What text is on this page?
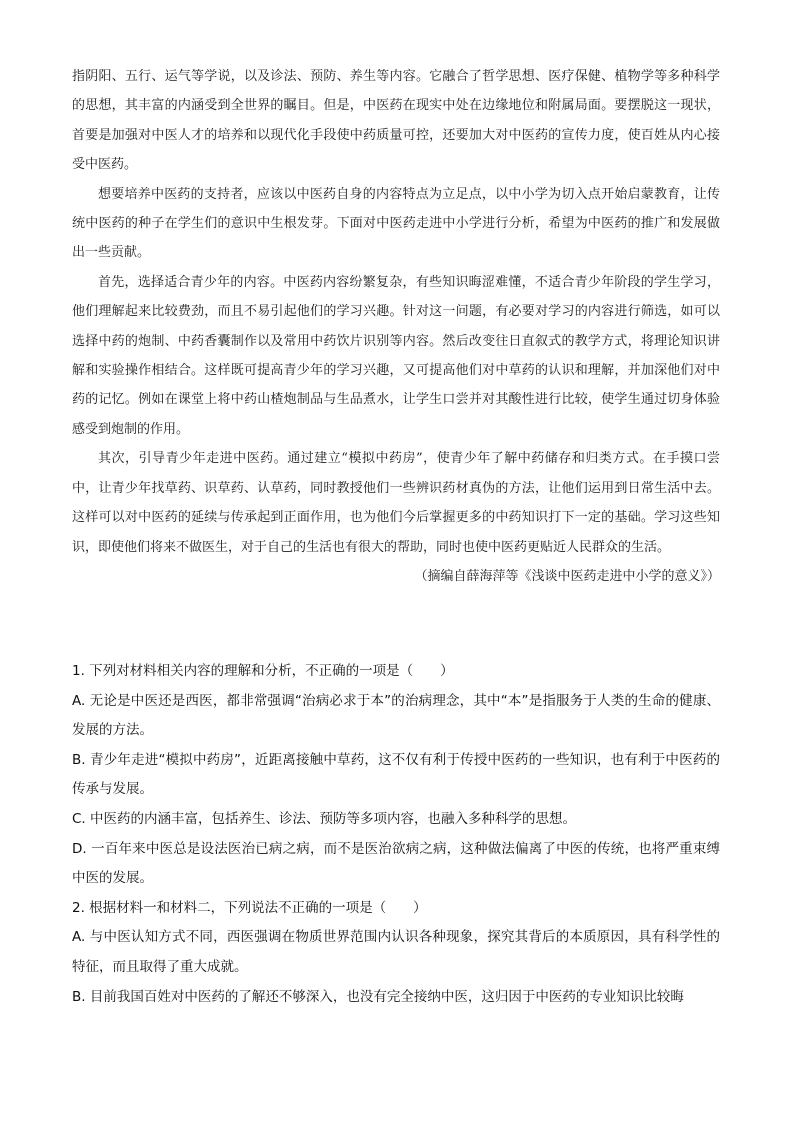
指阴阳、五行、运气等学说，以及诊法、预防、养生等内容。它融合了哲学思想、医疗保健、植物学等多种科学的思想，其丰富的内涵受到全世界的瞩目。但是，中医药在现实中处在边缘地位和附属局面。要摆脱这一现状，首要是加强对中医人才的培养和以现代化手段使中药质量可控，还要加大对中医药的宣传力度，使百姓从内心接受中医药。

想要培养中医药的支持者，应该以中医药自身的内容特点为立足点，以中小学为切入点开始启蒙教育，让传统中医药的种子在学生们的意识中生根发芽。下面对中医药走进中小学进行分析，希望为中医药的推广和发展做出一些贡献。

首先，选择适合青少年的内容。中医药内容纷繁复杂，有些知识晦涩难懂，不适合青少年阶段的学生学习，他们理解起来比较费劲，而且不易引起他们的学习兴趣。针对这一问题，有必要对学习的内容进行筛选，如可以选择中药的炮制、中药香囊制作以及常用中药饮片识别等内容。然后改变往日直叙式的教学方式，将理论知识讲解和实验操作相结合。这样既可提高青少年的学习兴趣，又可提高他们对中草药的认识和理解，并加深他们对中药的记忆。例如在课堂上将中药山楂炮制品与生品煮水，让学生口尝并对其酸性进行比较，使学生通过切身体验感受到炮制的作用。

其次，引导青少年走进中医药。通过建立“模拟中药房”，使青少年了解中药储存和归类方式。在手摸口尝中，让青少年找草药、识草药、认草药，同时教授他们一些辨识药材真伪的方法，让他们运用到日常生活中去。这样可以对中医药的延续与传承起到正面作用，也为他们今后掌握更多的中药知识打下一定的基础。学习这些知识，即使他们将来不做医生，对于自己的生活也有很大的帮助，同时也使中医药更贴近人民群众的生活。

（摘编自薛海萍等《浅谈中医药走进中小学的意义》）

1. 下列对材料相关内容的理解和分析，不正确的一项是（　　）

A. 无论是中医还是西医，都非常强调“治病必求于本”的治病理念，其中“本”是指服务于人类的生命的健康、发展的方法。

B. 青少年走进“模拟中药房”，近距离接触中草药，这不仅有利于传授中医药的一些知识，也有利于中医药的传承与发展。

C. 中医药的内涵丰富，包括养生、诊法、预防等多项内容，也融入多种科学的思想。

D. 一百年来中医总是设法医治已病之病，而不是医治欲病之病，这种做法偏离了中医的传统，也将严重束缚中医的发展。

2. 根据材料一和材料二，下列说法不正确的一项是（　　）

A. 与中医认知方式不同，西医强调在物质世界范围内认识各种现象，探究其背后的本质原因，具有科学性的特征，而且取得了重大成就。

B. 目前我国百姓对中医药的了解还不够深入，也没有完全接纳中医，这归因于中医药的专业知识比较晦
